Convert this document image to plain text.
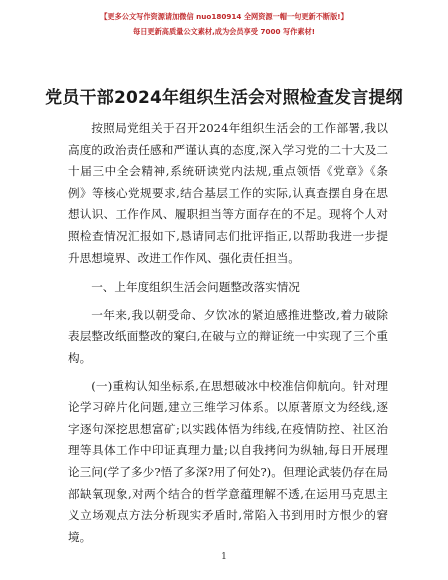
【更多公文写作资源请加微信 nuo180914 全网资源一帽一句更新不断版!】
每日更新高质量公文素材,成为会员享受 7000 写作素材!
党员干部2024年组织生活会对照检查发言提纲

按照局党组关于召开2024年组织生活会的工作部署,我以高度的政治责任感和严谨认真的态度,深入学习党的二十大及二十届三中全会精神,系统研读党内法规,重点领悟《党章》《条例》等核心党规要求,结合基层工作的实际,认真查摆自身在思想认识、工作作风、履职担当等方面存在的不足。现将个人对照检查情况汇报如下,恳请同志们批评指正,以帮助我进一步提升思想境界、改进工作作风、强化责任担当。

一、上年度组织生活会问题整改落实情况

一年来,我以朝受命、夕饮冰的紧迫感推进整改,着力破除表层整改纸面整改的窠臼,在破与立的辩证统一中实现了三个重构。

(一)重构认知坐标系,在思想破冰中校准信仰航向。针对理论学习碎片化问题,建立三维学习体系。以原著原文为经线,逐字逐句深挖思想富矿;以实践体悟为纬线,在疫情防控、社区治理等具体工作中印证真理力量;以自我拷问为纵轴,每日开展理论三问(学了多少?悟了多深?用了何处?)。但理论武装仍存在局部缺氧现象,对两个结合的哲学意蕴理解不透,在运用马克思主义立场观点方法分析现实矛盾时,常陷入书到用时方恨少的窘境。

1
